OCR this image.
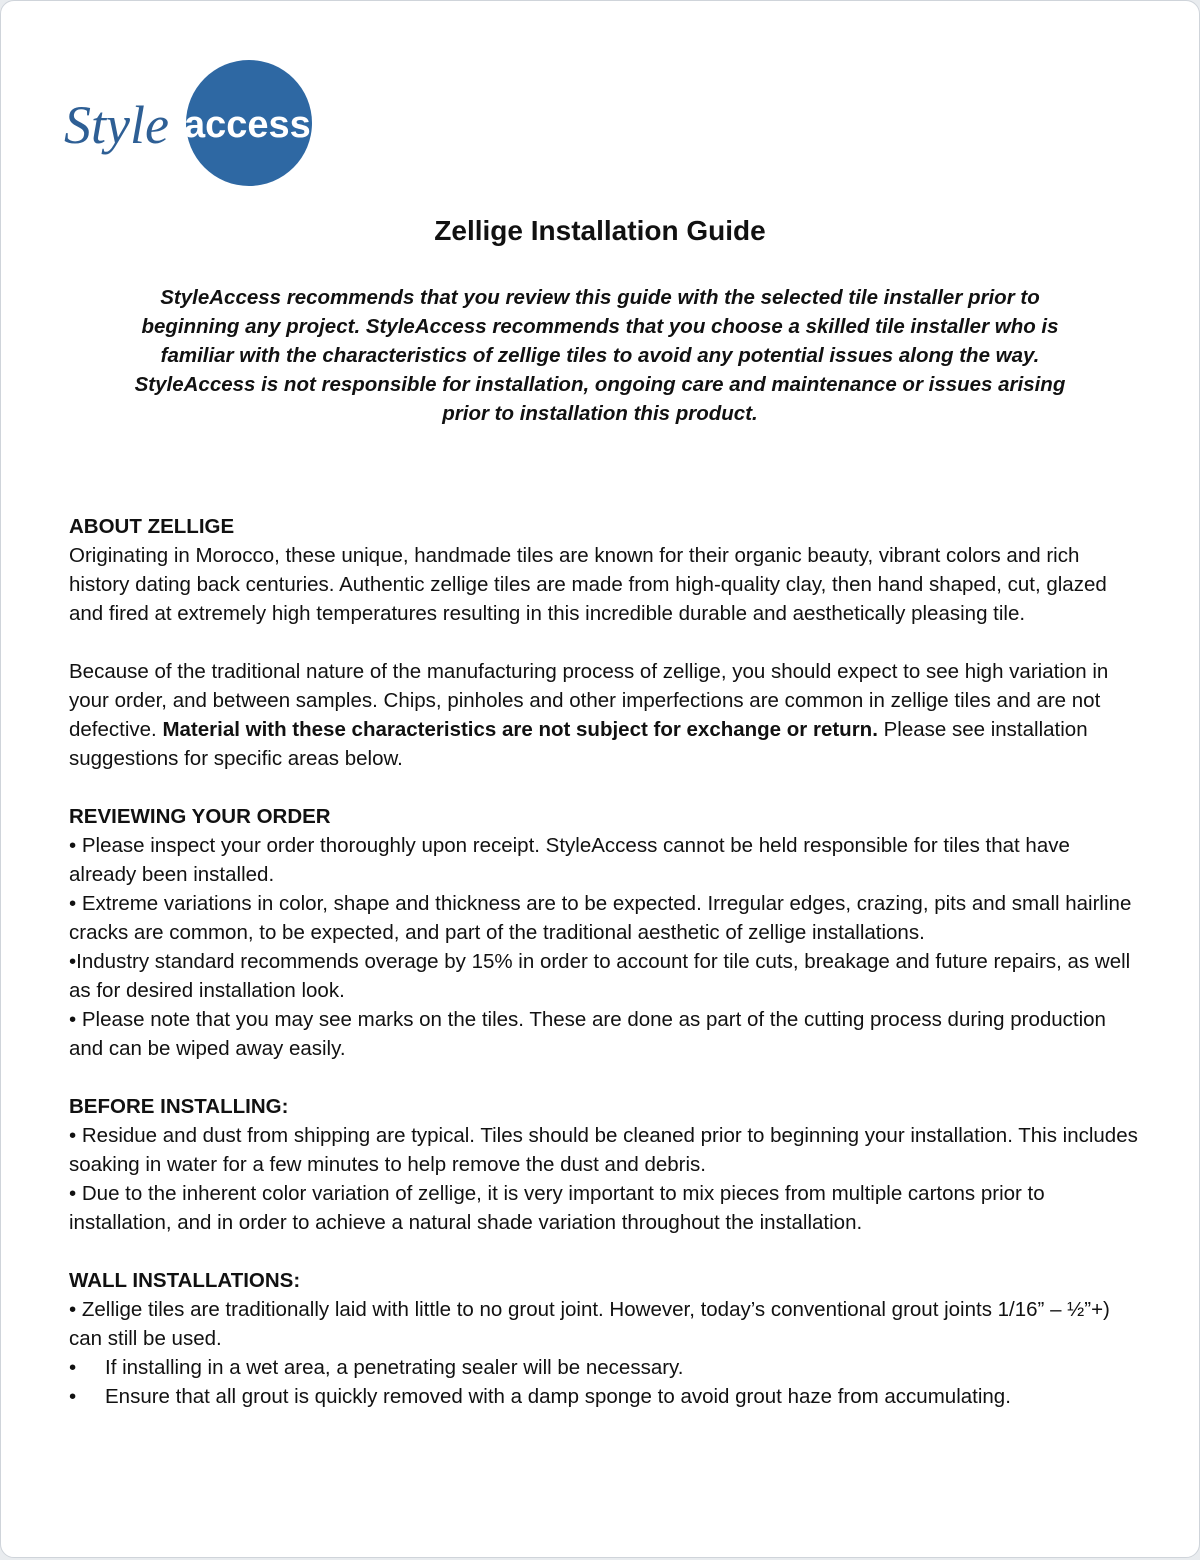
Style access
Zellige Installation Guide
StyleAccess recommends that you review this guide with the selected tile installer prior to
beginning any project. StyleAccess recommends that you choose a skilled tile installer who is
familiar with the characteristics of zellige tiles to avoid any potential issues along the way.
StyleAccess is not responsible for installation, ongoing care and maintenance or issues arising
prior to installation this product.
ABOUT ZELLIGE

Originating in Morocco, these unique, handmade tiles are known for their organic beauty, vibrant colors and rich history dating back centuries. Authentic zellige tiles are made from high-quality clay, then hand shaped, cut, glazed and fired at extremely high temperatures resulting in this incredible durable and aesthetically pleasing tile.

Because of the traditional nature of the manufacturing process of zellige, you should expect to see high variation in your order, and between samples. Chips, pinholes and other imperfections are common in zellige tiles and are not defective. Material with these characteristics are not subject for exchange or return. Please see installation suggestions for specific areas below.

REVIEWING YOUR ORDER
• Please inspect your order thoroughly upon receipt. StyleAccess cannot be held responsible for tiles that have already been installed.
• Extreme variations in color, shape and thickness are to be expected. Irregular edges, crazing, pits and small hairline cracks are common, to be expected, and part of the traditional aesthetic of zellige installations.
•Industry standard recommends overage by 15% in order to account for tile cuts, breakage and future repairs, as well as for desired installation look.
• Please note that you may see marks on the tiles. These are done as part of the cutting process during production and can be wiped away easily.
BEFORE INSTALLING:
• Residue and dust from shipping are typical. Tiles should be cleaned prior to beginning your installation. This includes soaking in water for a few minutes to help remove the dust and debris.
• Due to the inherent color variation of zellige, it is very important to mix pieces from multiple cartons prior to installation, and in order to achieve a natural shade variation throughout the installation.
WALL INSTALLATIONS:
• Zellige tiles are traditionally laid with little to no grout joint. However, today’s conventional grout joints 1/16” – ½”+) can still be used.
• If installing in a wet area, a penetrating sealer will be necessary.
• Ensure that all grout is quickly removed with a damp sponge to avoid grout haze from accumulating.
